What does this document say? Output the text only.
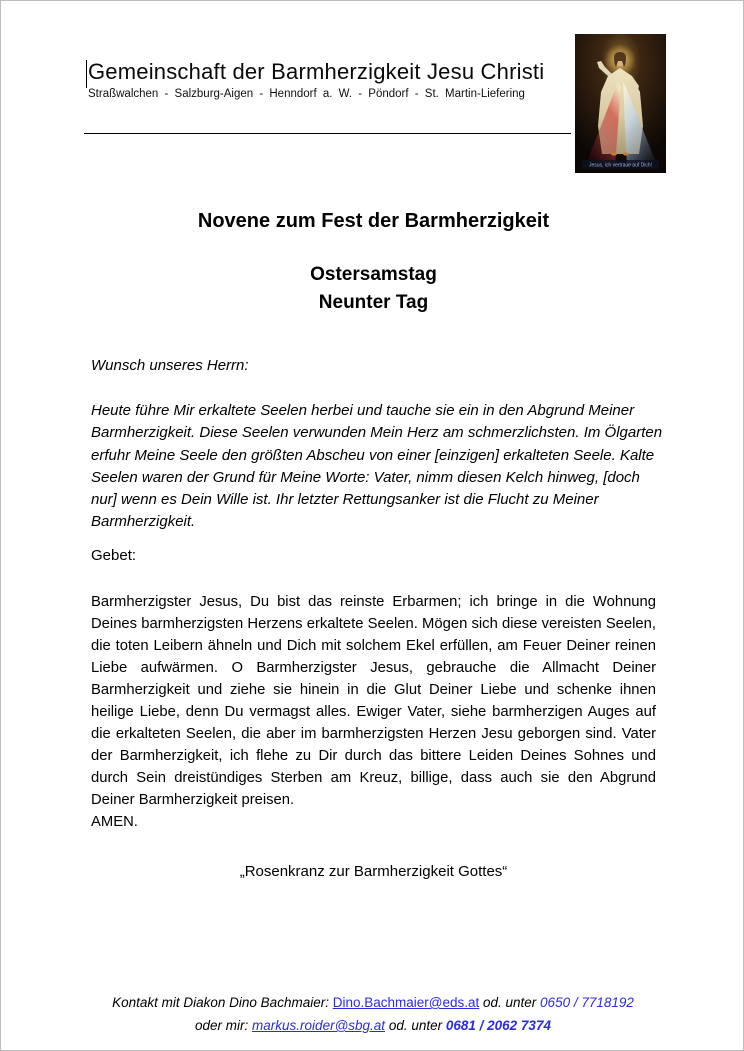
Gemeinschaft der Barmherzigkeit Jesu Christi
Straßwalchen - Salzburg-Aigen - Henndorf a. W. - Pöndorf - St. Martin-Liefering
Jesus, ich vertraue auf Dich!
Novene zum Fest der Barmherzigkeit
Ostersamstag
Neunter Tag
Wunsch unseres Herrn:
Heute führe Mir erkaltete Seelen herbei und tauche sie ein in den Abgrund Meiner Barmherzigkeit. Diese Seelen verwunden Mein Herz am schmerzlichsten. Im Ölgarten erfuhr Meine Seele den größten Abscheu von einer [einzigen] erkalteten Seele. Kalte Seelen waren der Grund für Meine Worte: Vater, nimm diesen Kelch hinweg, [doch nur] wenn es Dein Wille ist. Ihr letzter Rettungsanker ist die Flucht zu Meiner Barmherzigkeit.
Gebet:
Barmherzigster Jesus, Du bist das reinste Erbarmen; ich bringe in die Wohnung Deines barmherzigsten Herzens erkaltete Seelen. Mögen sich diese vereisten Seelen, die toten Leibern ähneln und Dich mit solchem Ekel erfüllen, am Feuer Deiner reinen Liebe aufwärmen. O Barmherzigster Jesus, gebrauche die Allmacht Deiner Barmherzigkeit und ziehe sie hinein in die Glut Deiner Liebe und schenke ihnen heilige Liebe, denn Du vermagst alles. Ewiger Vater, siehe barmherzigen Auges auf die erkalteten Seelen, die aber im barmherzigsten Herzen Jesu geborgen sind. Vater der Barmherzigkeit, ich flehe zu Dir durch das bittere Leiden Deines Sohnes und durch Sein dreistündiges Sterben am Kreuz, billige, dass auch sie den Abgrund Deiner Barmherzigkeit preisen.
AMEN.
„Rosenkranz zur Barmherzigkeit Gottes“
Kontakt mit Diakon Dino Bachmaier: Dino.Bachmaier@eds.at od. unter 0650 / 7718192
oder mir: markus.roider@sbg.at od. unter 0681 / 2062 7374
